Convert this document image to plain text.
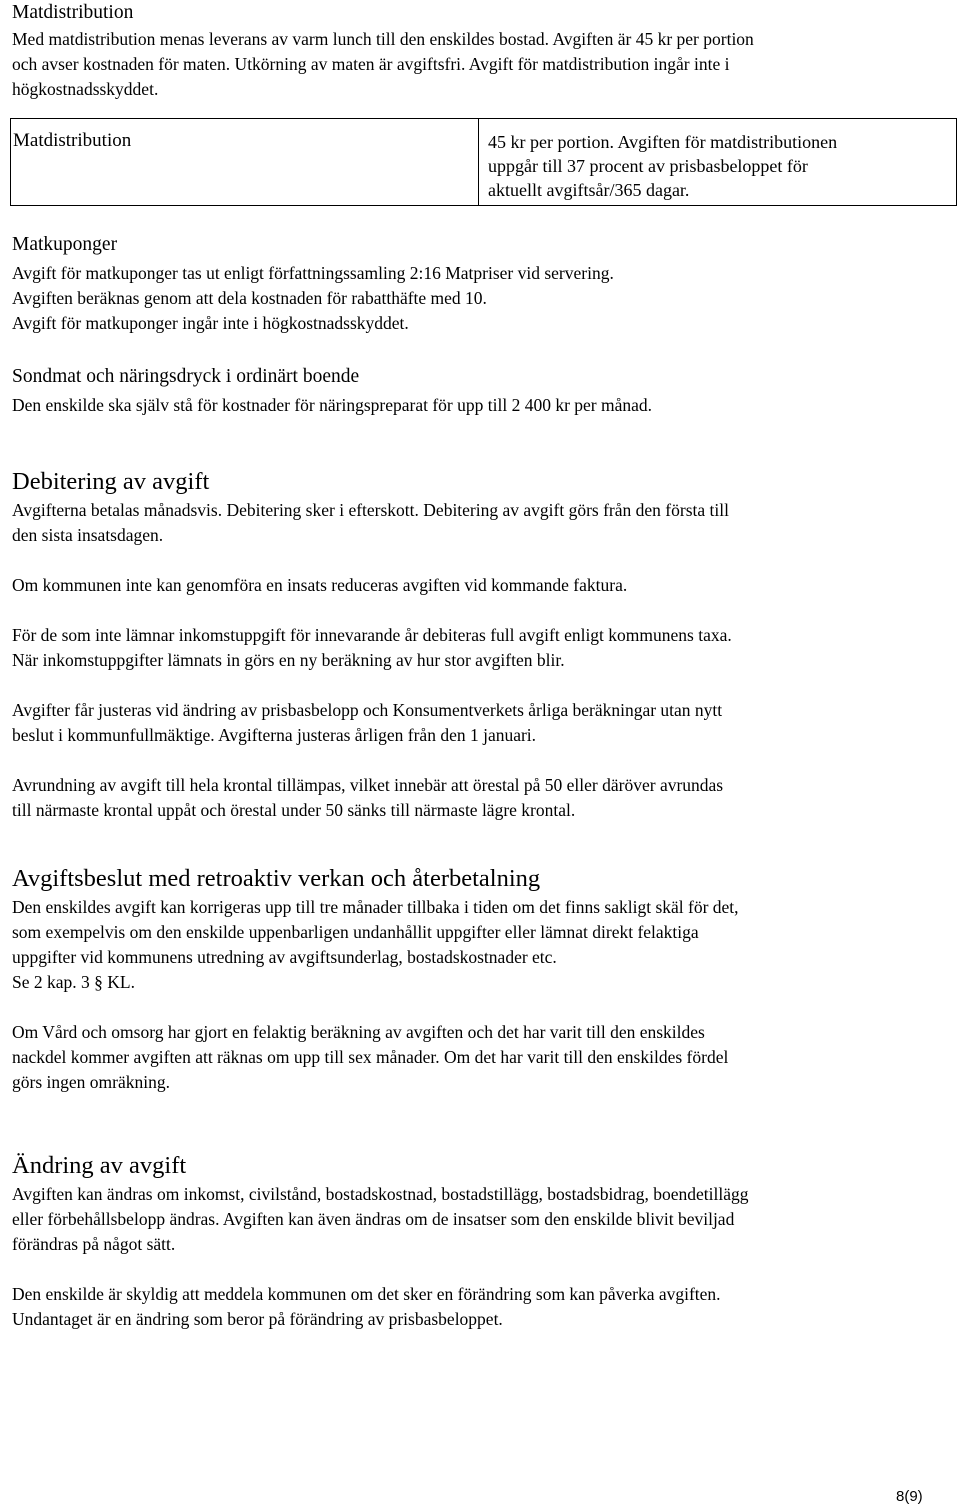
Matdistribution

Med matdistribution menas leverans av varm lunch till den enskildes bostad. Avgiften är 45 kr per portion

och avser kostnaden för maten. Utkörning av maten är avgiftsfri. Avgift för matdistribution ingår inte i

högkostnadsskyddet.

Matkuponger

Avgift för matkuponger tas ut enligt författningssamling 2:16 Matpriser vid servering.

Avgiften beräknas genom att dela kostnaden för rabatthäfte med 10.

Avgift för matkuponger ingår inte i högkostnadsskyddet.

Sondmat och näringsdryck i ordinärt boende

Den enskilde ska själv stå för kostnader för näringspreparat för upp till 2 400 kr per månad.

Debitering av avgift

Avgifterna betalas månadsvis. Debitering sker i efterskott. Debitering av avgift görs från den första till

den sista insatsdagen.

Om kommunen inte kan genomföra en insats reduceras avgiften vid kommande faktura.

För de som inte lämnar inkomstuppgift för innevarande år debiteras full avgift enligt kommunens taxa.

När inkomstuppgifter lämnats in görs en ny beräkning av hur stor avgiften blir.

Avgifter får justeras vid ändring av prisbasbelopp och Konsumentverkets årliga beräkningar utan nytt

beslut i kommunfullmäktige. Avgifterna justeras årligen från den 1 januari.

Avrundning av avgift till hela krontal tillämpas, vilket innebär att örestal på 50 eller däröver avrundas

till närmaste krontal uppåt och örestal under 50 sänks till närmaste lägre krontal.

Avgiftsbeslut med retroaktiv verkan och återbetalning

Den enskildes avgift kan korrigeras upp till tre månader tillbaka i tiden om det finns sakligt skäl för det,

som exempelvis om den enskilde uppenbarligen undanhållit uppgifter eller lämnat direkt felaktiga

uppgifter vid kommunens utredning av avgiftsunderlag, bostadskostnader etc.

Se 2 kap. 3 § KL.

Om Vård och omsorg har gjort en felaktig beräkning av avgiften och det har varit till den enskildes

nackdel kommer avgiften att räknas om upp till sex månader. Om det har varit till den enskildes fördel

görs ingen omräkning.

Ändring av avgift

Avgiften kan ändras om inkomst, civilstånd, bostadskostnad, bostadstillägg, bostadsbidrag, boendetillägg

eller förbehållsbelopp ändras. Avgiften kan även ändras om de insatser som den enskilde blivit beviljad

förändras på något sätt.

Den enskilde är skyldig att meddela kommunen om det sker en förändring som kan påverka avgiften.

Undantaget är en ändring som beror på förändring av prisbasbeloppet.

Matdistribution	45 kr per portion. Avgiften för matdistributionen

uppgår till 37 procent av prisbasbeloppet för

aktuellt avgiftsår/365 dagar.

8(9)
